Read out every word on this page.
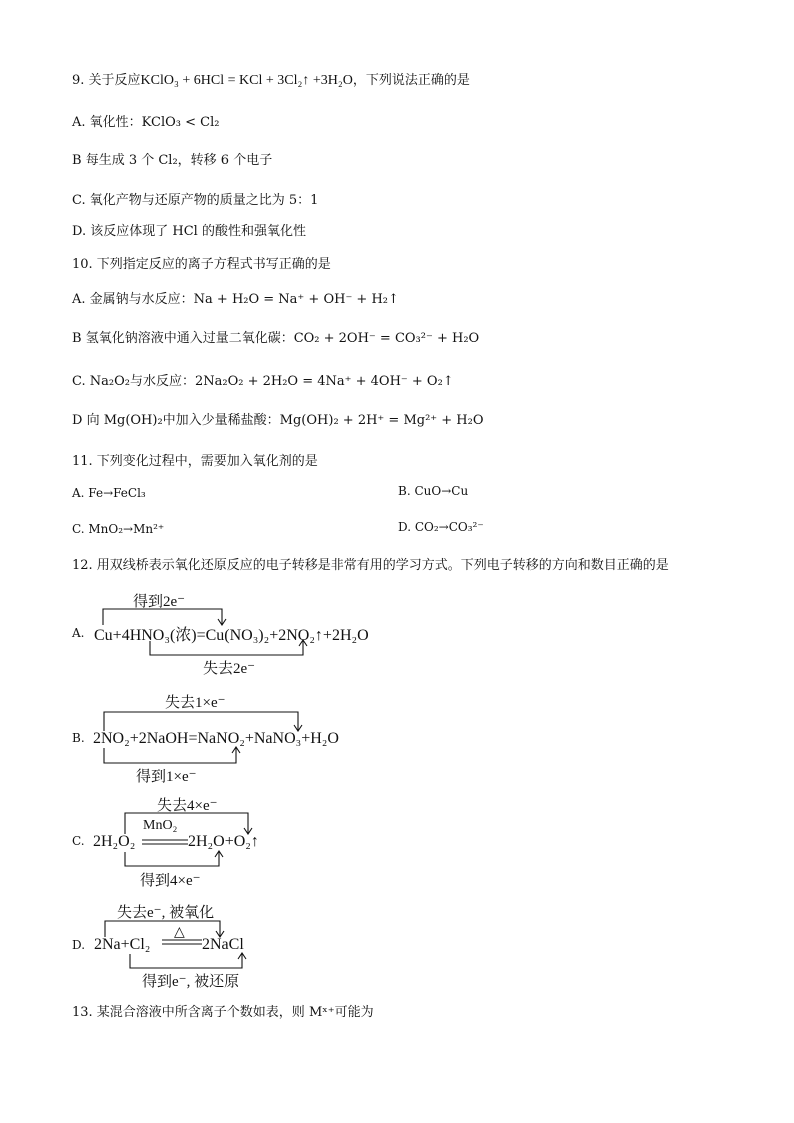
9. 关于反应KClO₃ + 6HCl = KCl + 3Cl₂↑ +3H₂O，下列说法正确的是
A. 氧化性：KClO₃ < Cl₂
B 每生成 3 个 Cl₂，转移 6 个电子
C. 氧化产物与还原产物的质量之比为 5：1
D. 该反应体现了 HCl 的酸性和强氧化性
10. 下列指定反应的离子方程式书写正确的是
A. 金属钠与水反应：Na + H₂O = Na⁺ + OH⁻ + H₂↑
B 氢氧化钠溶液中通入过量二氧化碳：CO₂ + 2OH⁻ = CO₃²⁻ + H₂O
C. Na₂O₂与水反应：2Na₂O₂ + 2H₂O = 4Na⁺ + 4OH⁻ + O₂↑
D 向 Mg(OH)₂中加入少量稀盐酸：Mg(OH)₂ + 2H⁺ = Mg²⁺ + H₂O
11. 下列变化过程中，需要加入氧化剂的是
A. Fe→FeCl₃	B. CuO→Cu
C. MnO₂→Mn²⁺	D. CO₂→CO₃²⁻
12. 用双线桥表示氧化还原反应的电子转移是非常有用的学习方式。下列电子转移的方向和数目正确的是
得到2e⁻
A. Cu+4HNO₃(浓)=Cu(NO₃)₂+2NO₂↑+2H₂O
失去2e⁻
失去1×e⁻
B. 2NO₂+2NaOH=NaNO₂+NaNO₃+H₂O
得到1×e⁻
失去4×e⁻
C. 2H₂O₂
MnO₂
2H₂O+O₂↑
得到4×e⁻
失去e⁻, 被氧化
D. 2Na+Cl₂
△
2NaCl
得到e⁻, 被还原
13. 某混合溶液中所含离子个数如表，则 Mˣ⁺可能为
